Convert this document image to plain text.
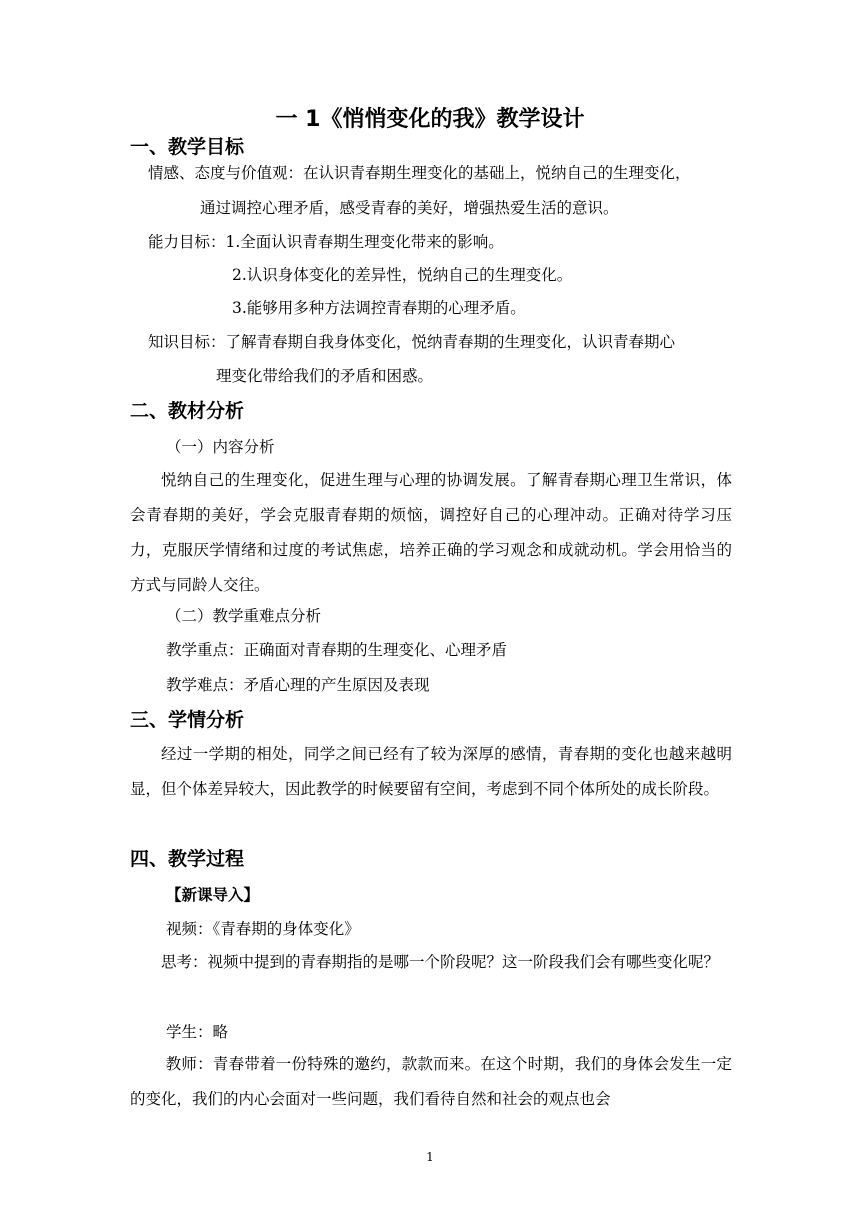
一 1《悄悄变化的我》教学设计
一、教学目标
情感、态度与价值观：在认识青春期生理变化的基础上，悦纳自己的生理变化，
通过调控心理矛盾，感受青春的美好，增强热爱生活的意识。
能力目标：1.全面认识青春期生理变化带来的影响。
2.认识身体变化的差异性，悦纳自己的生理变化。
3.能够用多种方法调控青春期的心理矛盾。
知识目标：了解青春期自我身体变化，悦纳青春期的生理变化，认识青春期心
理变化带给我们的矛盾和困惑。
二、教材分析
（一）内容分析
悦纳自己的生理变化，促进生理与心理的协调发展。了解青春期心理卫生常识，体会青春期的美好，学会克服青春期的烦恼，调控好自己的心理冲动。正确对待学习压力，克服厌学情绪和过度的考试焦虑，培养正确的学习观念和成就动机。学会用恰当的方式与同龄人交往。
（二）教学重难点分析
教学重点：正确面对青春期的生理变化、心理矛盾
教学难点：矛盾心理的产生原因及表现
三、学情分析
经过一学期的相处，同学之间已经有了较为深厚的感情，青春期的变化也越来越明显，但个体差异较大，因此教学的时候要留有空间，考虑到不同个体所处的成长阶段。
四、教学过程
【新课导入】
视频：《青春期的身体变化》
思考：视频中提到的青春期指的是哪一个阶段呢？这一阶段我们会有哪些变化呢？
学生：略
教师：青春带着一份特殊的邀约，款款而来。在这个时期，我们的身体会发生一定的变化，我们的内心会面对一些问题，我们看待自然和社会的观点也会
1
